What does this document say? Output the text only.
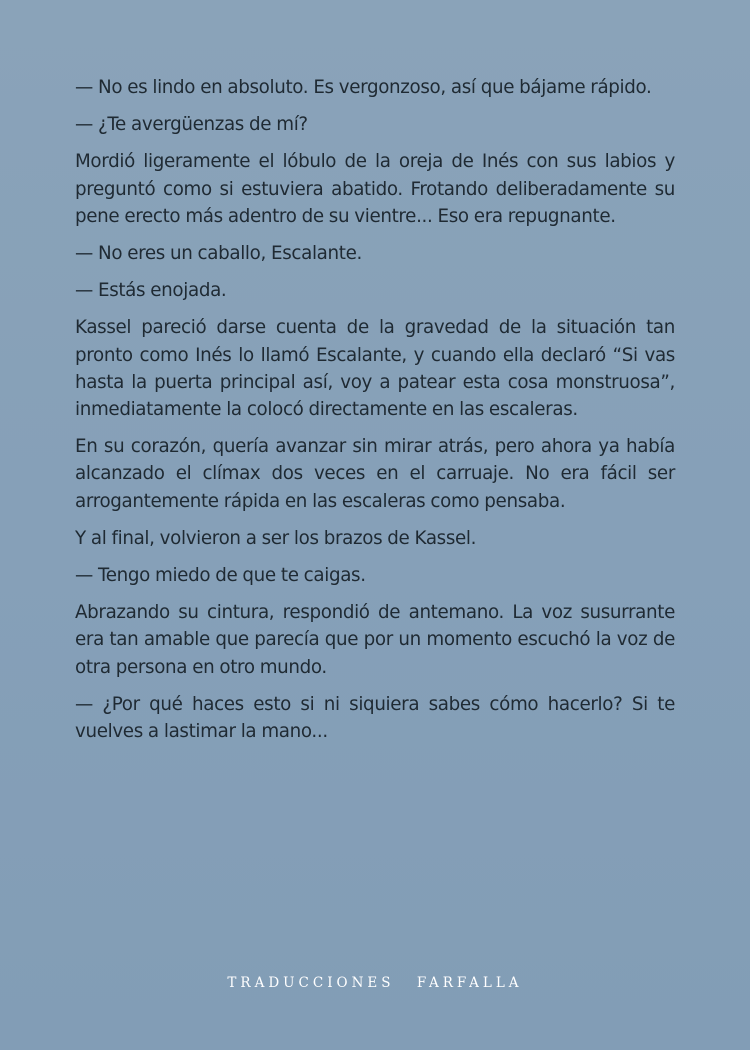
— No es lindo en absoluto. Es vergonzoso, así que bájame rápido.

— ¿Te avergüenzas de mí?

Mordió ligeramente el lóbulo de la oreja de Inés con sus labios y preguntó como si estuviera abatido. Frotando deliberadamente su pene erecto más adentro de su vientre... Eso era repugnante.

— No eres un caballo, Escalante.

— Estás enojada.

Kassel pareció darse cuenta de la gravedad de la situación tan pronto como Inés lo llamó Escalante, y cuando ella declaró “Si vas hasta la puerta principal así, voy a patear esta cosa monstruosa”, inmediatamente la colocó directamente en las escaleras.

En su corazón, quería avanzar sin mirar atrás, pero ahora ya había alcanzado el clímax dos veces en el carruaje. No era fácil ser arrogantemente rápida en las escaleras como pensaba.

Y al final, volvieron a ser los brazos de Kassel.

— Tengo miedo de que te caigas.

Abrazando su cintura, respondió de antemano. La voz susurrante era tan amable que parecía que por un momento escuchó la voz de otra persona en otro mundo.

— ¿Por qué haces esto si ni siquiera sabes cómo hacerlo? Si te vuelves a lastimar la mano...

TRADUCCIONES FARFALLA
